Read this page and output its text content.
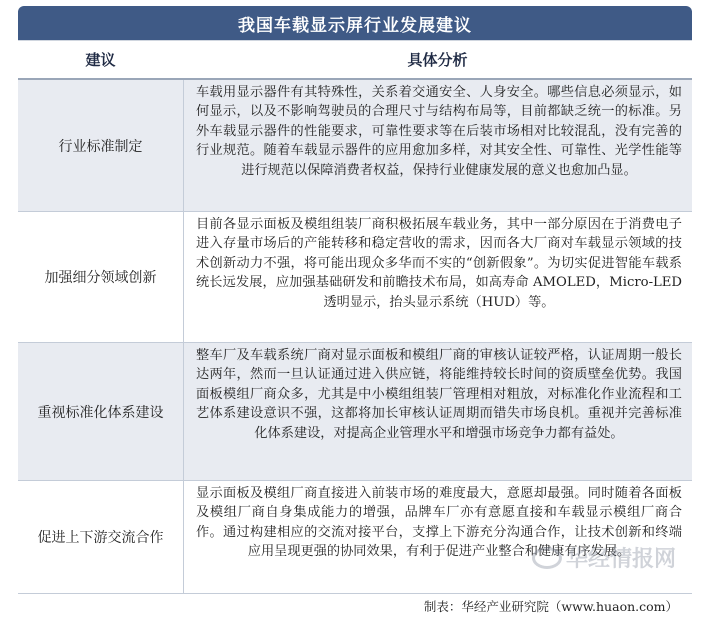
我国车载显示屏行业发展建议
建议	具体分析
行业标准制定
车载用显示器件有其特殊性，关系着交通安全、人身安全。哪些信息必须显示，如何显示，以及不影响驾驶员的合理尺寸与结构布局等，目前都缺乏统一的标准。另外车载显示器件的性能要求，可靠性要求等在后装市场相对比较混乱，没有完善的行业规范。随着车载显示器件的应用愈加多样，对其安全性、可靠性、光学性能等进行规范以保障消费者权益，保持行业健康发展的意义也愈加凸显。
加强细分领域创新
目前各显示面板及模组组装厂商积极拓展车载业务，其中一部分原因在于消费电子进入存量市场后的产能转移和稳定营收的需求，因而各大厂商对车载显示领域的技术创新动力不强，将可能出现众多华而不实的“创新假象”。为切实促进智能车载系统长远发展，应加强基础研发和前瞻技术布局，如高寿命 AMOLED，Micro-LED 透明显示，抬头显示系统（HUD）等。
重视标准化体系建设
整车厂及车载系统厂商对显示面板和模组厂商的审核认证较严格，认证周期一般长达两年，然而一旦认证通过进入供应链，将能维持较长时间的资质壁垒优势。我国面板模组厂商众多，尤其是中小模组组装厂管理相对粗放，对标准化作业流程和工艺体系建设意识不强，这都将加长审核认证周期而错失市场良机。重视并完善标准化体系建设，对提高企业管理水平和增强市场竞争力都有益处。
促进上下游交流合作
显示面板及模组厂商直接进入前装市场的难度最大，意愿却最强。同时随着各面板及模组厂商自身集成能力的增强，品牌车厂亦有意愿直接和车载显示模组厂商合作。通过构建相应的交流对接平台，支撑上下游充分沟通合作，让技术创新和终端应用呈现更强的协同效果，有利于促进产业整合和健康有序发展。
华经情报网
制表：华经产业研究院（www.huaon.com）
